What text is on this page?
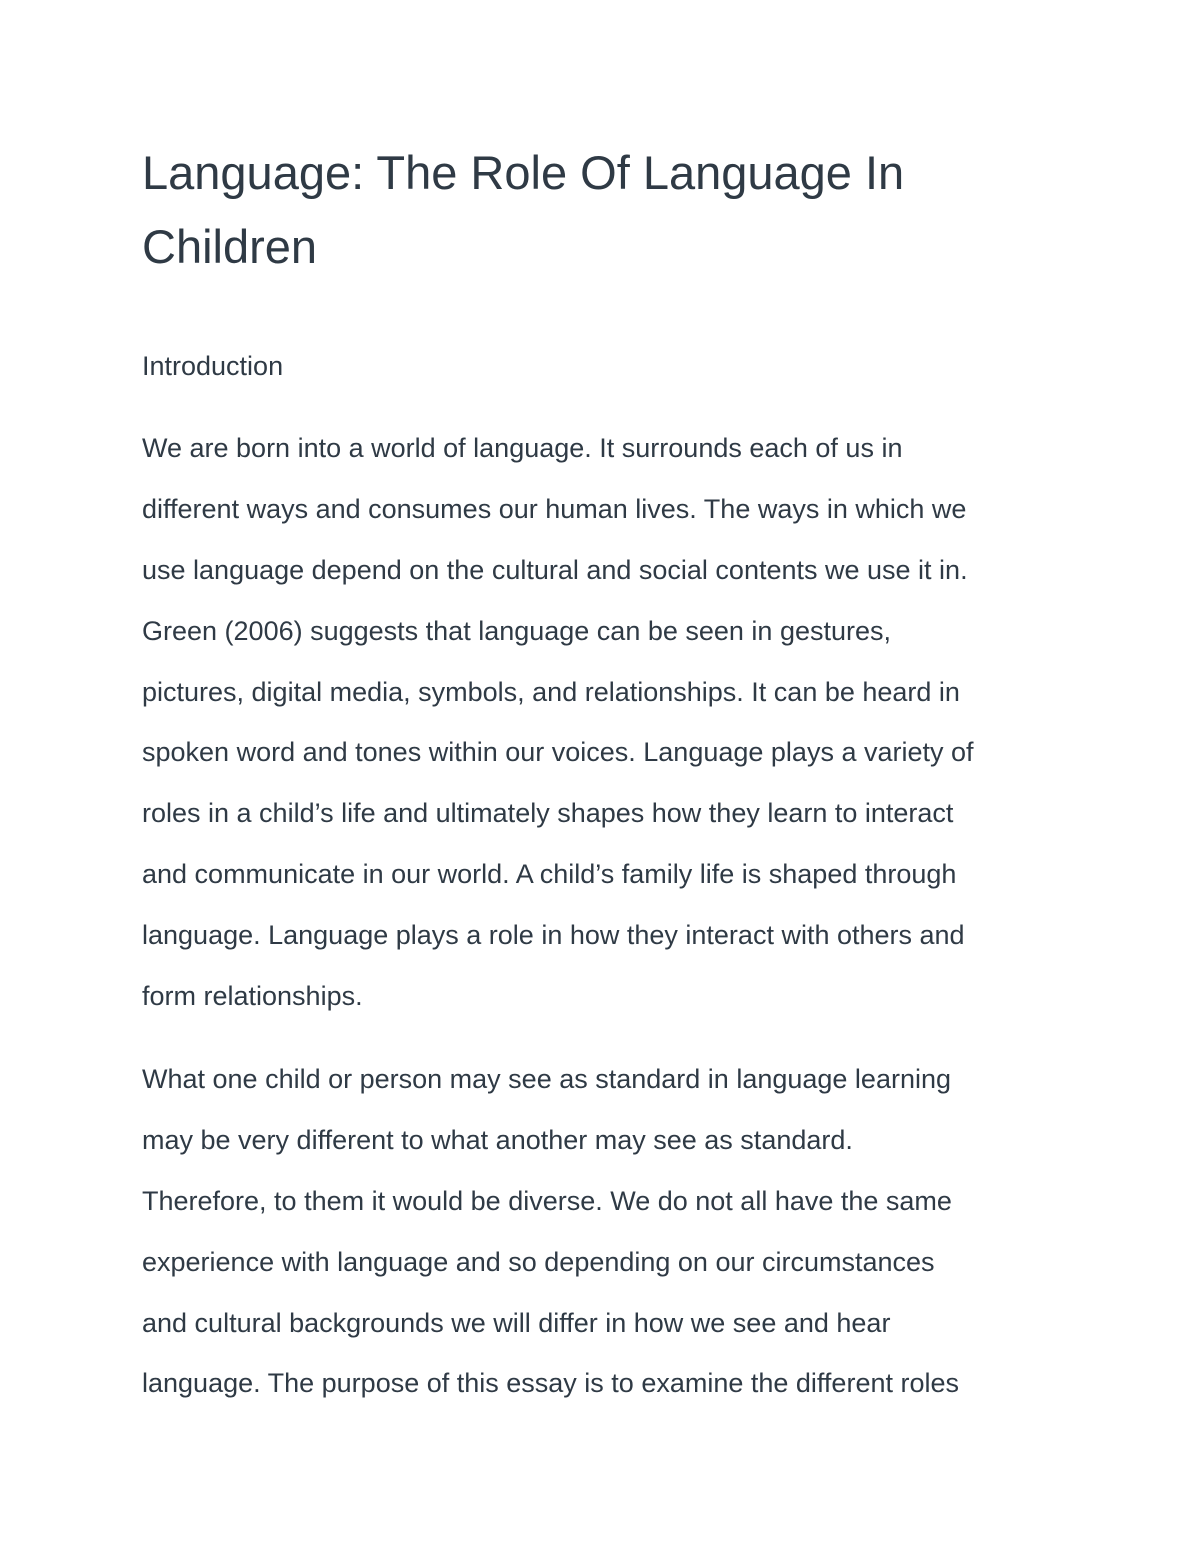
Language: The Role Of Language In
Children
Introduction
We are born into a world of language. It surrounds each of us in
different ways and consumes our human lives. The ways in which we
use language depend on the cultural and social contents we use it in.
Green (2006) suggests that language can be seen in gestures,
pictures, digital media, symbols, and relationships. It can be heard in
spoken word and tones within our voices. Language plays a variety of
roles in a child’s life and ultimately shapes how they learn to interact
and communicate in our world. A child’s family life is shaped through
language. Language plays a role in how they interact with others and
form relationships.
What one child or person may see as standard in language learning
may be very different to what another may see as standard.
Therefore, to them it would be diverse. We do not all have the same
experience with language and so depending on our circumstances
and cultural backgrounds we will differ in how we see and hear
language. The purpose of this essay is to examine the different roles
